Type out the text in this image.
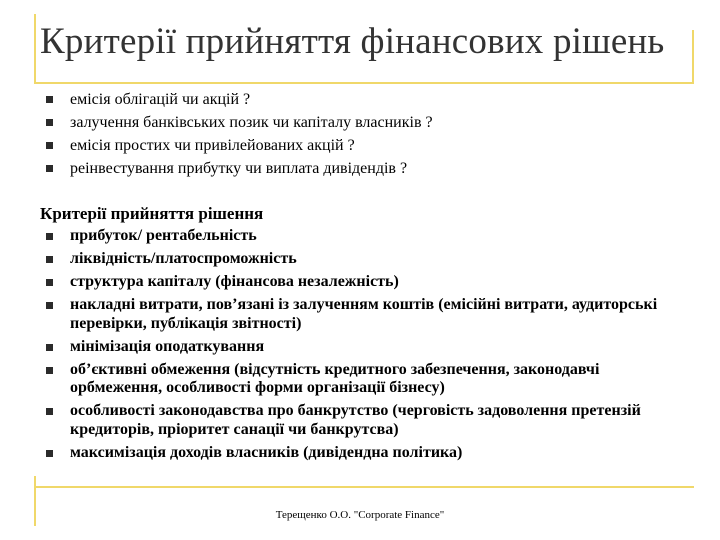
Критерії прийняття фінансових рішень
емісія облігацій чи акцій ?
залучення банківських позик чи капіталу власників ?
емісія простих чи привілейованих акцій ?
реінвестування прибутку чи виплата дивідендів ?
Критерії прийняття рішення
прибуток/ рентабельність
ліквідність/платоспроможність
структура капіталу (фінансова незалежність)
накладні витрати, пов’язані із залученням коштів (емісійні витрати, аудиторські перевірки, публікація звітності)
мінімізація оподаткування
об’єктивні обмеження (відсутність кредитного забезпечення, законодавчі орбмеження, особливості форми організації бізнесу)
особливості законодавства про банкрутство (черговість задоволення претензій кредиторів, пріоритет санації чи банкрутсва)
максимізація доходів власників (дивідендна політика)
Терещенко О.О. "Corporate Finance"
